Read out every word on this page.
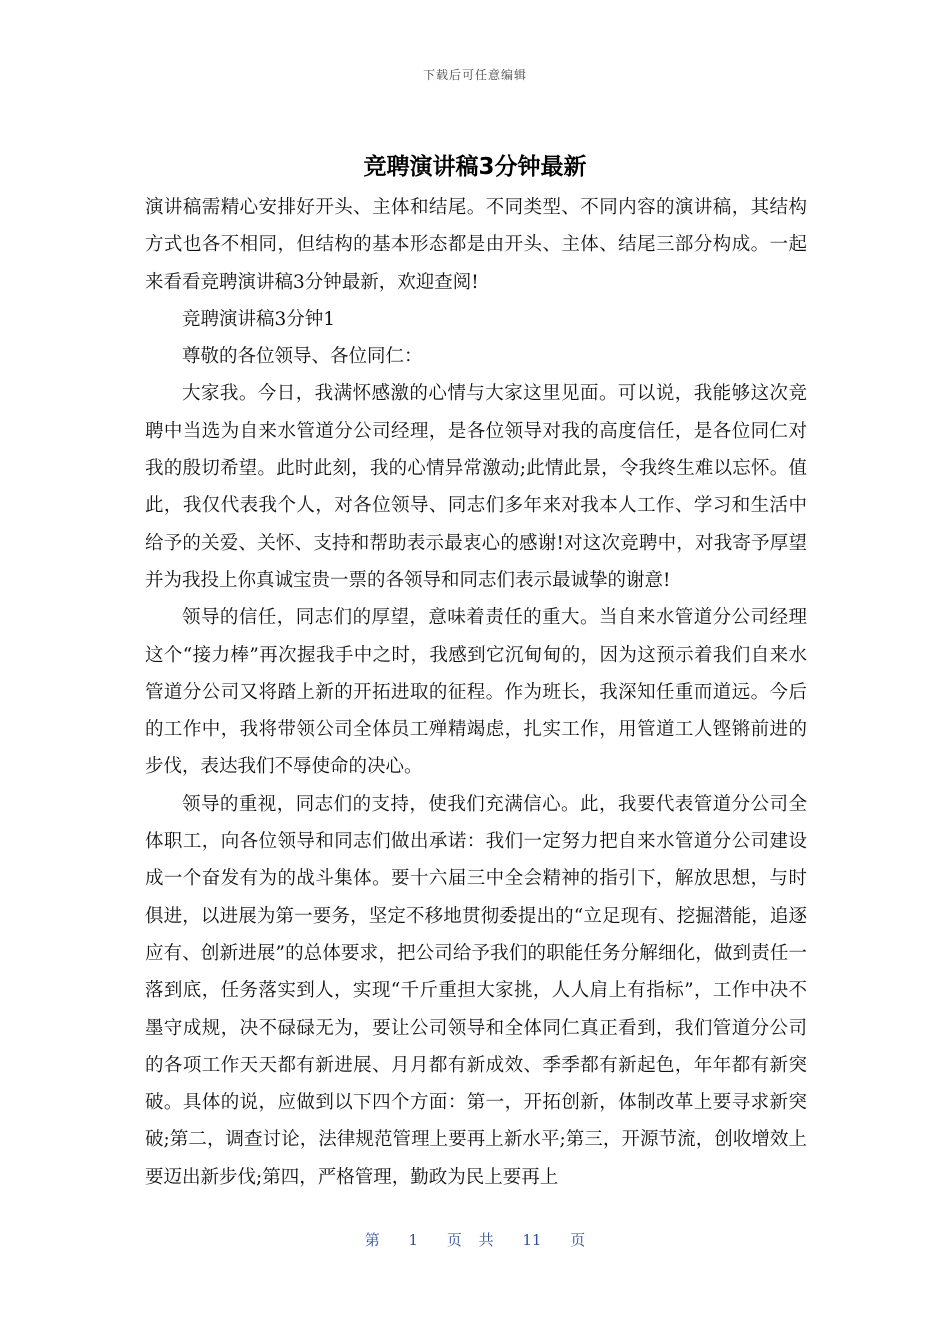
下载后可任意编辑
竞聘演讲稿3分钟最新

演讲稿需精心安排好开头、主体和结尾。不同类型、不同内容的演讲稿，其结构方式也各不相同，但结构的基本形态都是由开头、主体、结尾三部分构成。一起来看看竞聘演讲稿3分钟最新，欢迎查阅!

竞聘演讲稿3分钟1

尊敬的各位领导、各位同仁：

大家我。今日，我满怀感激的心情与大家这里见面。可以说，我能够这次竞聘中当选为自来水管道分公司经理，是各位领导对我的高度信任，是各位同仁对我的殷切希望。此时此刻，我的心情异常激动;此情此景，令我终生难以忘怀。值此，我仅代表我个人，对各位领导、同志们多年来对我本人工作、学习和生活中给予的关爱、关怀、支持和帮助表示最衷心的感谢!对这次竞聘中，对我寄予厚望并为我投上你真诚宝贵一票的各领导和同志们表示最诚挚的谢意!

领导的信任，同志们的厚望，意味着责任的重大。当自来水管道分公司经理这个“接力棒”再次握我手中之时，我感到它沉甸甸的，因为这预示着我们自来水管道分公司又将踏上新的开拓进取的征程。作为班长，我深知任重而道远。今后的工作中，我将带领公司全体员工殚精竭虑，扎实工作，用管道工人铿锵前进的步伐，表达我们不辱使命的决心。

领导的重视，同志们的支持，使我们充满信心。此，我要代表管道分公司全体职工，向各位领导和同志们做出承诺：我们一定努力把自来水管道分公司建设成一个奋发有为的战斗集体。要十六届三中全会精神的指引下，解放思想，与时俱进，以进展为第一要务，坚定不移地贯彻委提出的“立足现有、挖掘潜能，追逐应有、创新进展”的总体要求，把公司给予我们的职能任务分解细化，做到责任一落到底，任务落实到人，实现“千斤重担大家挑，人人肩上有指标”，工作中决不墨守成规，决不碌碌无为，要让公司领导和全体同仁真正看到，我们管道分公司的各项工作天天都有新进展、月月都有新成效、季季都有新起色，年年都有新突破。具体的说，应做到以下四个方面：第一，开拓创新，体制改革上要寻求新突破;第二，调查讨论，法律规范管理上要再上新水平;第三，开源节流，创收增效上要迈出新步伐;第四，严格管理，勤政为民上要再上

第 1 页 共 11 页
